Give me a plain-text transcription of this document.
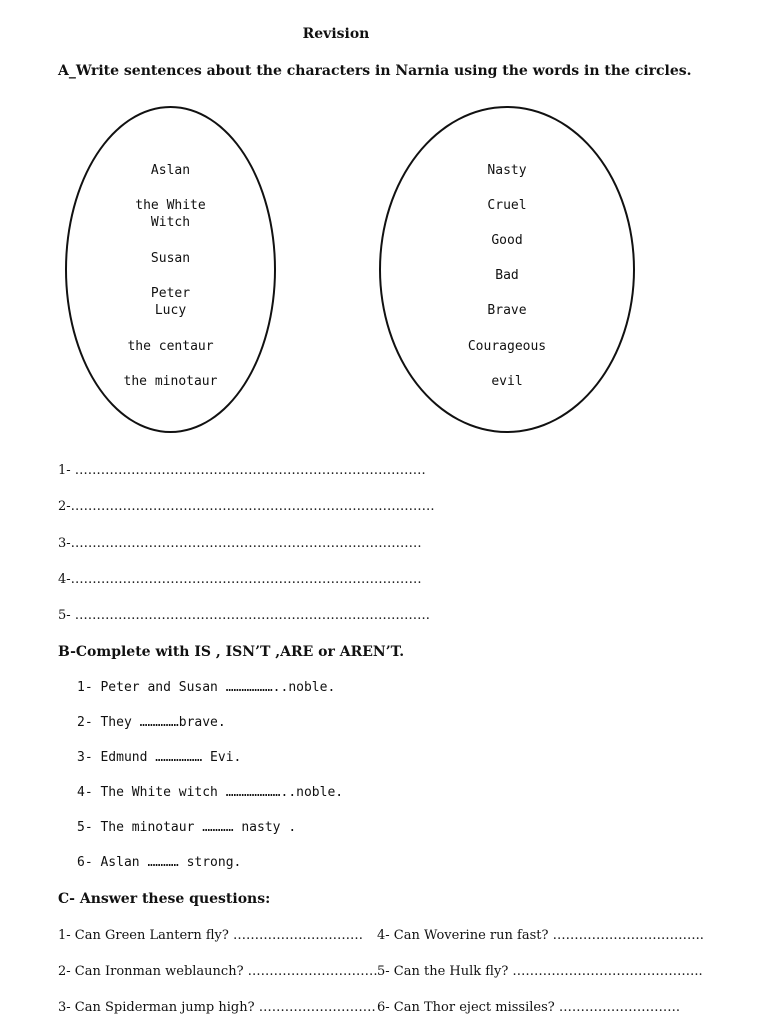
Revision
A_Write sentences about the characters in Narnia using the words in the circles.
Aslan
the White
Witch
Susan
Peter
Lucy
the centaur
the minotaur
Nasty
Cruel
Good
Bad
Brave
Courageous
evil
1- ………………………………………………………………………
2-…………………………………………………………………………
3-………………………………………………………………………
4-………………………………………………………………………
5- ……………………………………………………………………….
B-Complete with IS , ISN’T ,ARE or AREN’T.
1- Peter and Susan ………………..noble.
2- They ……………brave.
3- Edmund ……………… Evi.
4- The White witch …………………..noble.
5- The minotaur ………… nasty .
6- Aslan ………… strong.
C- Answer these questions:
1- Can Green Lantern fly? …………………………
2- Can Ironman weblaunch? …………………………
3- Can Spiderman jump high? ………………………
4- Can Woverine run fast? ……………………………..
5- Can the Hulk fly? ……………………………………..
6- Can Thor eject missiles? ……………………….
